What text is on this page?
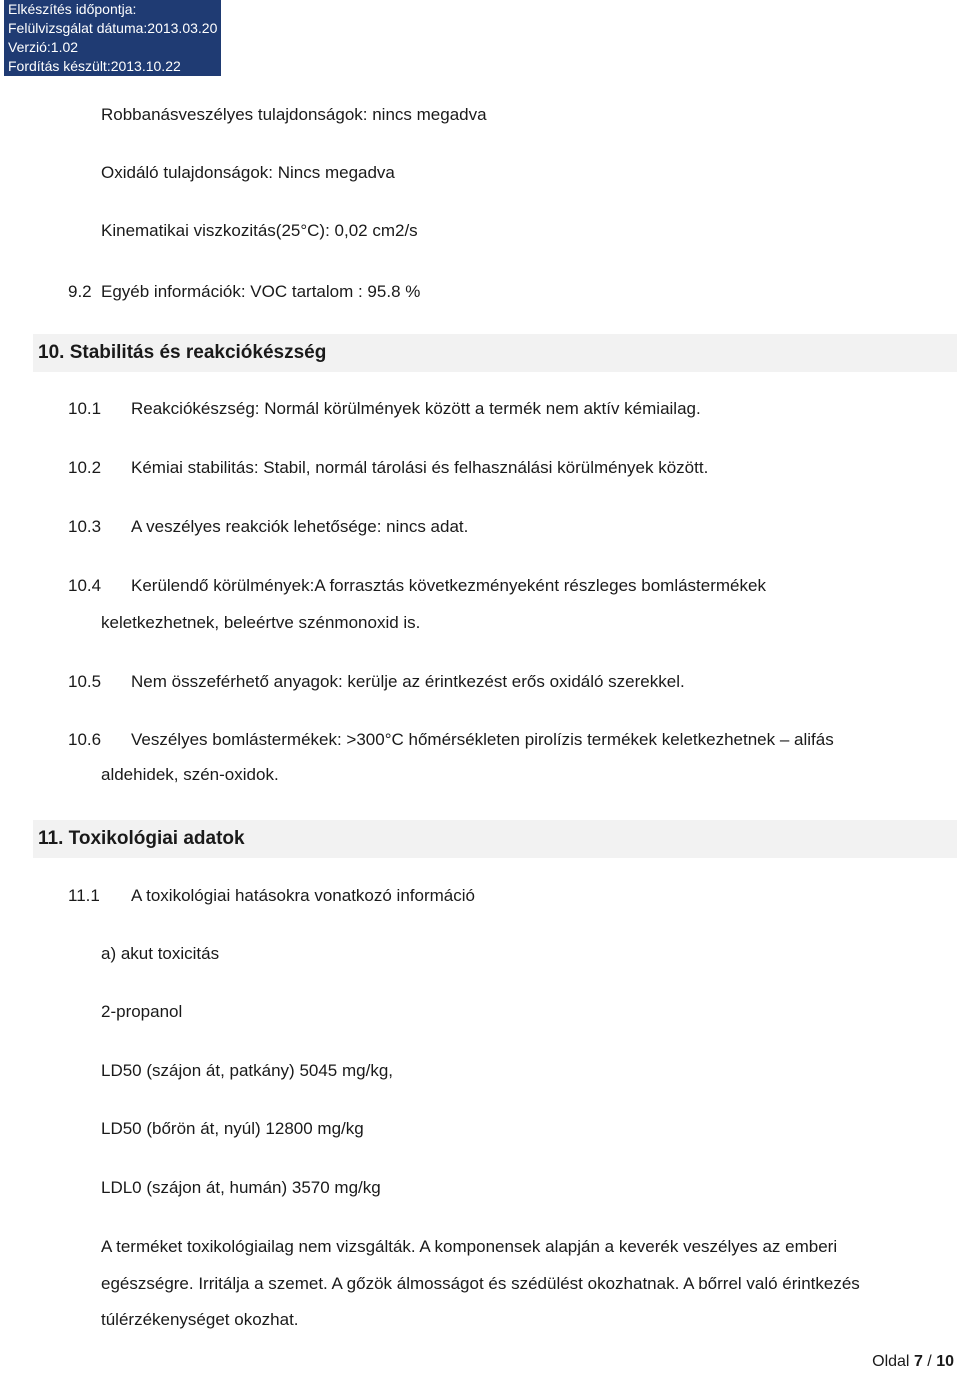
Elkészítés időpontja:
Felülvizsgálat dátuma:2013.03.20
Verzió:1.02
Fordítás készült:2013.10.22
Robbanásveszélyes tulajdonságok: nincs megadva
Oxidáló tulajdonságok: Nincs megadva
Kinematikai viszkozitás(25°C): 0,02 cm2/s
9.2 Egyéb információk: VOC tartalom : 95.8 %
10. Stabilitás és reakciókészség
10.1 Reakciókészség: Normál körülmények között a termék nem aktív kémiailag.
10.2 Kémiai stabilitás: Stabil, normál tárolási és felhasználási körülmények között.
10.3 A veszélyes reakciók lehetősége: nincs adat.
10.4 Kerülendő körülmények:A forrasztás következményeként részleges bomlástermékek
keletkezhetnek, beleértve szénmonoxid is.
10.5 Nem összeférhető anyagok: kerülje az érintkezést erős oxidáló szerekkel.
10.6 Veszélyes bomlástermékek: >300°C hőmérsékleten pirolízis termékek keletkezhetnek – alifás
aldehidek, szén-oxidok.
11. Toxikológiai adatok
11.1 A toxikológiai hatásokra vonatkozó információ
a) akut toxicitás
2-propanol
LD50 (szájon át, patkány) 5045 mg/kg,
LD50 (bőrön át, nyúl) 12800 mg/kg
LDL0 (szájon át, humán) 3570 mg/kg
A terméket toxikológiailag nem vizsgálták. A komponensek alapján a keverék veszélyes az emberi
egészségre. Irritálja a szemet. A gőzök álmosságot és szédülést okozhatnak. A bőrrel való érintkezés
túlérzékenységet okozhat.
Oldal 7 / 10
